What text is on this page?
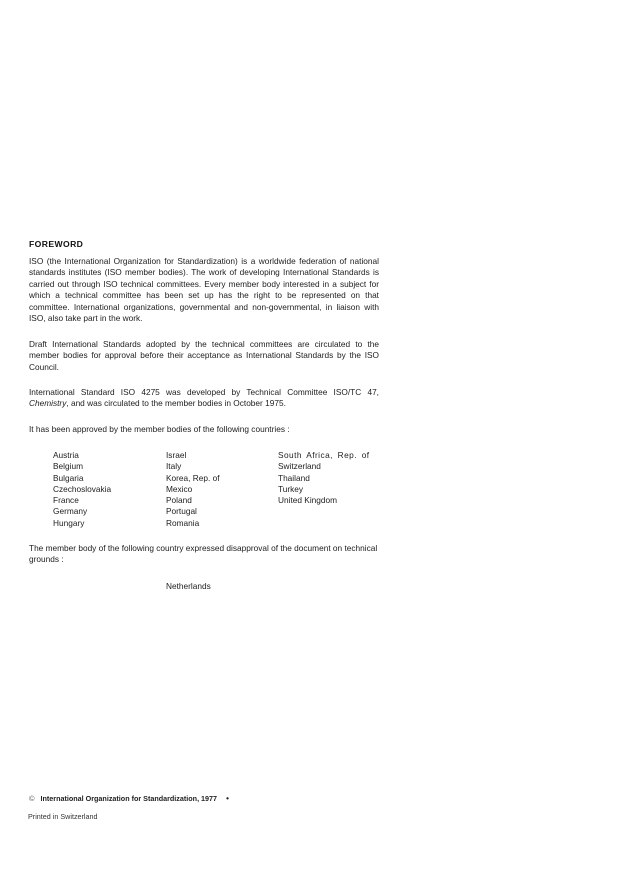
FOREWORD

ISO (the International Organization for Standardization) is a worldwide federation of national standards institutes (ISO member bodies). The work of developing International Standards is carried out through ISO technical committees. Every member body interested in a subject for which a technical committee has been set up has the right to be represented on that committee. International organizations, governmental and non-governmental, in liaison with ISO, also take part in the work.

Draft International Standards adopted by the technical committees are circulated to the member bodies for approval before their acceptance as International Standards by the ISO Council.

International Standard ISO 4275 was developed by Technical Committee ISO/TC 47, Chemistry, and was circulated to the member bodies in October 1975.

It has been approved by the member bodies of the following countries :

Austria
Belgium
Bulgaria
Czechoslovakia
France
Germany
Hungary
Israel
Italy
Korea, Rep. of
Mexico
Poland
Portugal
Romania
South Africa, Rep. of
Switzerland
Thailand
Turkey
United Kingdom

The member body of the following country expressed disapproval of the document on technical grounds :

Netherlands
© International Organization for Standardization, 1977 •
Printed in Switzerland
